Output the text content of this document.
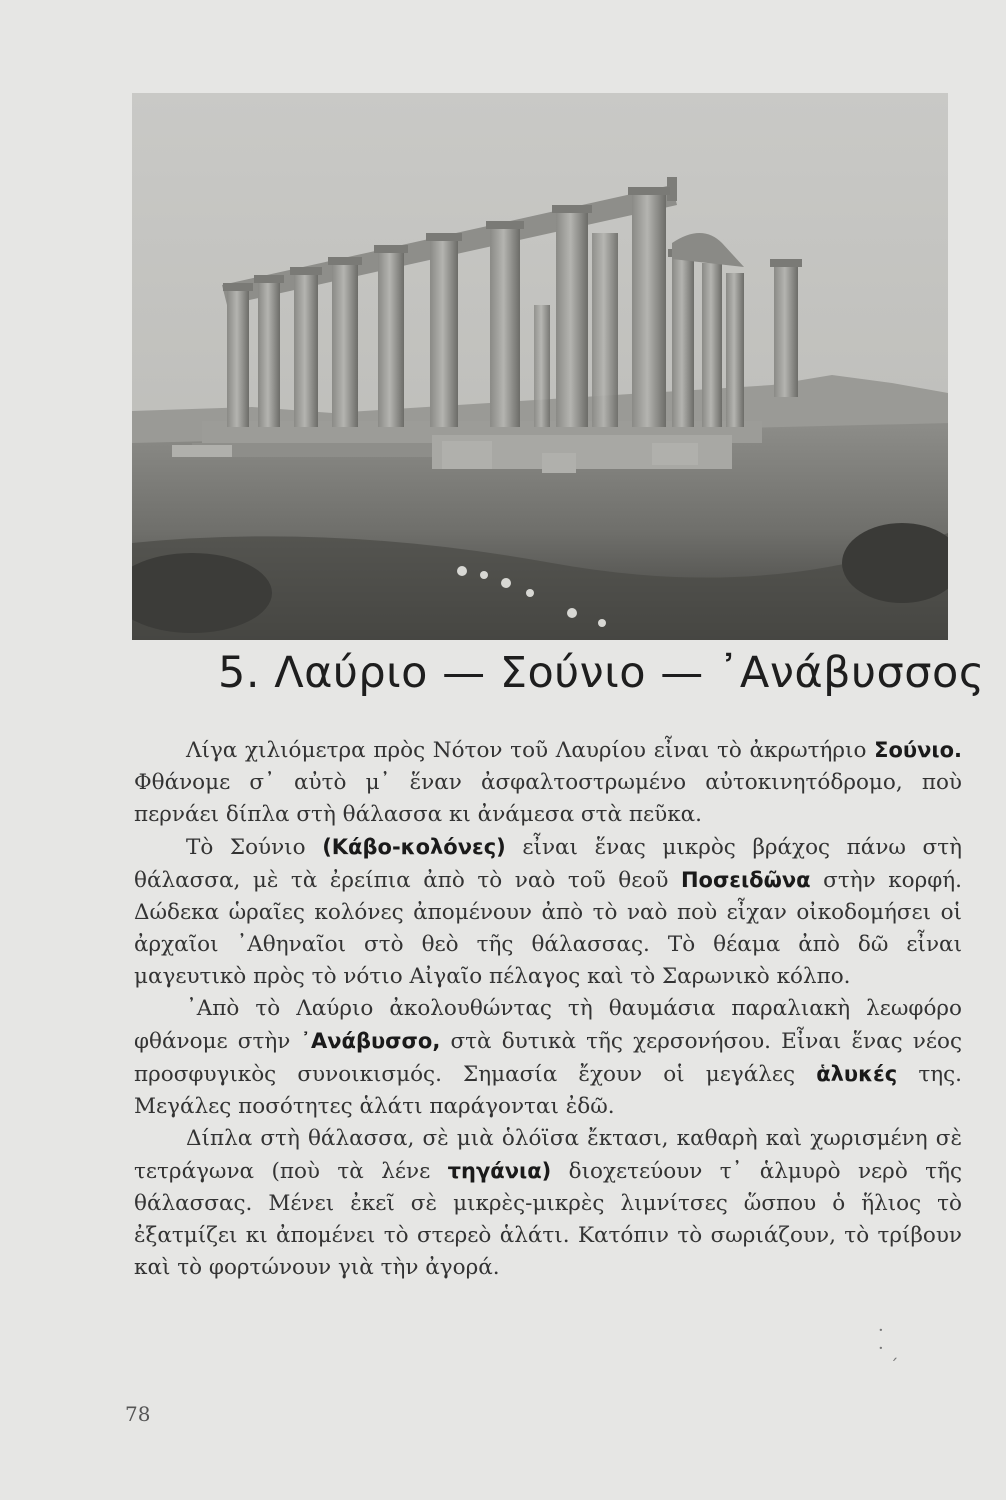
5. Λαύριο — Σούνιο — ᾿Ανάβυσσος

Λίγα χιλιόμετρα πρὸς Νότον τοῦ Λαυρίου εἶναι τὸ ἀκρωτήριο Σούνιο. Φθάνομε σ᾿ αὐτὸ μ᾿ ἕναν ἀσφαλτοστρωμένο αὐτοκινητόδρομο, ποὺ περνάει δίπλα στὴ θάλασσα κι ἀνάμεσα στὰ πεῦκα.

Τὸ Σούνιο (Κάβο-κολόνες) εἶναι ἕνας μικρὸς βράχος πάνω στὴ θάλασσα, μὲ τὰ ἐρείπια ἀπὸ τὸ ναὸ τοῦ θεοῦ Ποσειδῶνα στὴν κορφή. Δώδεκα ὡραῖες κολόνες ἀπομένουν ἀπὸ τὸ ναὸ ποὺ εἶχαν οἰκοδομήσει οἱ ἀρχαῖοι ᾿Αθηναῖοι στὸ θεὸ τῆς θάλασσας. Τὸ θέαμα ἀπὸ δῶ εἶναι μαγευτικὸ πρὸς τὸ νότιο Αἰγαῖο πέλαγος καὶ τὸ Σαρωνικὸ κόλπο.

᾿Απὸ τὸ Λαύριο ἀκολουθώντας τὴ θαυμάσια παραλιακὴ λεωφόρο φθάνομε στὴν ᾿Ανάβυσσο, στὰ δυτικὰ τῆς χερσονήσου. Εἶναι ἕνας νέος προσφυγικὸς συνοικισμός. Σημασία ἔχουν οἱ μεγάλες ἁλυκές της. Μεγάλες ποσότητες ἁλάτι παράγονται ἐδῶ.

Δίπλα στὴ θάλασσα, σὲ μιὰ ὁλόϊσα ἔκτασι, καθαρὴ καὶ χωρισμένη σὲ τετράγωνα (ποὺ τὰ λένε τηγάνια) διοχετεύουν τ᾿ ἁλμυρὸ νερὸ τῆς θάλασσας. Μένει ἐκεῖ σὲ μικρὲς-μικρὲς λιμνίτσες ὥσπου ὁ ἥλιος τὸ ἐξατμίζει κι ἀπομένει τὸ στερεὸ ἁλάτι. Κατόπιν τὸ σωριάζουν, τὸ τρίβουν καὶ τὸ φορτώνουν γιὰ τὴν ἀγορά.

·
·
ˊ
78
